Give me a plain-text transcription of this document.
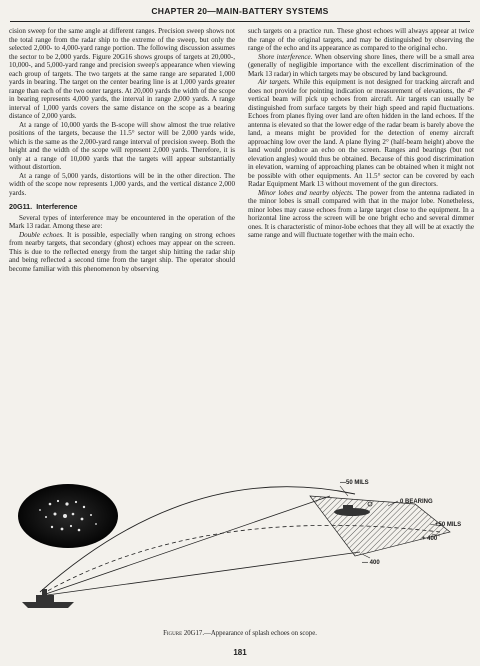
CHAPTER 20—MAIN-BATTERY SYSTEMS

cision sweep for the same angle at different ranges. Precision sweep shows not the total range from the radar ship to the extreme of the sweep, but only the selected 2,000- to 4,000-yard range portion. The following discussion assumes the sector to be 2,000 yards. Figure 20G16 shows groups of targets at 20,000-, 10,000-, and 5,000-yard range and precision sweep's appearance when viewing each group of targets. The two targets at the same range are separated 1,000 yards in bearing. The target on the center bearing line is at 1,000 yards greater range than each of the two outer targets. At 20,000 yards the width of the scope in bearing represents 4,000 yards, the interval in range 2,000 yards. A range interval of 1,000 yards covers the same distance on the scope as a bearing distance of 2,000 yards.

At a range of 10,000 yards the B-scope will show almost the true relative positions of the targets, because the 11.5° sector will be 2,000 yards wide, which is the same as the 2,000-yard range interval of precision sweep. Both the height and the width of the scope will represent 2,000 yards. Therefore, it is only at a range of 10,000 yards that the targets will appear substantially without distortion.

At a range of 5,000 yards, distortions will be in the other direction. The width of the scope now represents 1,000 yards, and the vertical distance 2,000 yards.

20G11. Interference

Several types of interference may be encountered in the operation of the Mark 13 radar. Among these are:

Double echoes. It is possible, especially when ranging on strong echoes from nearby targets, that secondary (ghost) echoes may appear on the screen. This is due to the reflected energy from the target ship hitting the radar ship and being reflected a second time from the target ship. The operator should become familiar with this phenomenon by observing

such targets on a practice run. These ghost echoes will always appear at twice the range of the original targets, and may be distinguished by observing the range of the echo and its appearance as compared to the original echo.

Shore interference. When observing shore lines, there will be a small area (generally of negligible importance with the excellent discrimination of the Mark 13 radar) in which targets may be obscured by land background.

Air targets. While this equipment is not designed for tracking aircraft and does not provide for pointing indication or measurement of elevations, the 4° vertical beam will pick up echoes from aircraft. Air targets can usually be distinguished from surface targets by their high speed and rapid fluctuations. Echoes from planes flying over land are often hidden in the land echoes. If the antenna is elevated so that the lower edge of the radar beam is barely above the land, a means might be provided for the detection of enemy aircraft approaching low over the land. A plane flying 2° (half-beam height) above the land would produce an echo on the screen. Ranges and bearings (but not elevation angles) would thus be obtained. Because of this good discrimination in elevation, warning of approaching planes can be obtained when it might not be possible with other equipments. An 11.5° sector can be covered by each Radar Equipment Mark 13 without movement of the gun directors.

Minor lobes and nearby objects. The power from the antenna radiated in the minor lobes is small compared with that in the major lobe. Nonetheless, minor lobes may cause echoes from a large target close to the equipment. In a horizontal line across the screen will be one bright echo and several dimmer ones. It is characteristic of minor-lobe echoes that they all will be at exactly the same range and will fluctuate together with the main echo.

—50 MILS
0 BEARING
+50 MILS
+ 400
— 400
Figure 20G17.—Appearance of splash echoes on scope.
181
